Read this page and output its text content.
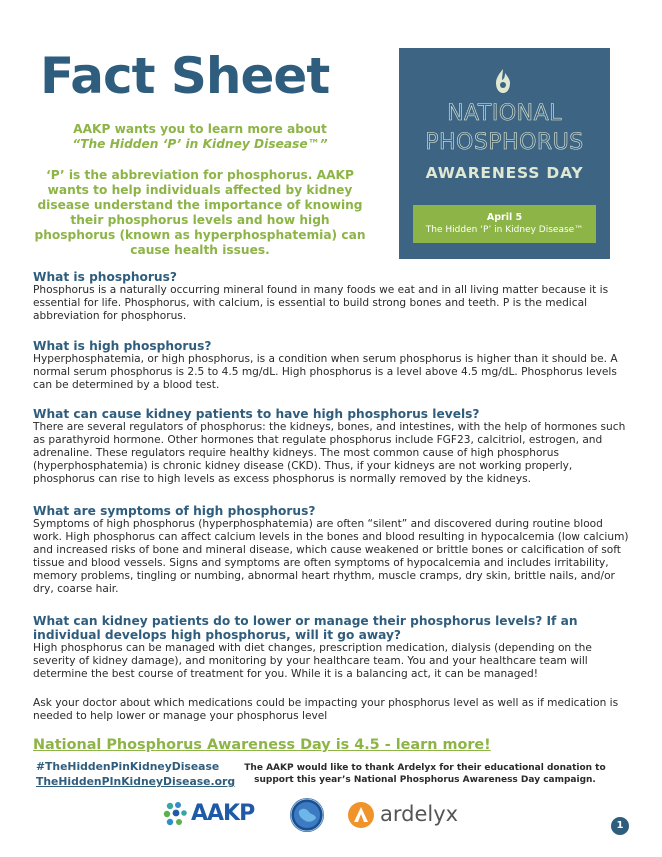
Fact Sheet
AAKP wants you to learn more about
“The Hidden ‘P’ in Kidney Disease™”
‘P’ is the abbreviation for phosphorus. AAKP wants to help individuals affected by kidney disease understand the importance of knowing their phosphorus levels and how high phosphorus (known as hyperphosphatemia) can cause health issues.
NATIONAL
PHOSPHORUS
AWARENESS DAY
April 5
The Hidden ‘P’ in Kidney Disease™
What is phosphorus?

Phosphorus is a naturally occurring mineral found in many foods we eat and in all living matter because it is essential for life. Phosphorus, with calcium, is essential to build strong bones and teeth. P is the medical abbreviation for phosphorus.

What is high phosphorus?

Hyperphosphatemia, or high phosphorus, is a condition when serum phosphorus is higher than it should be. A normal serum phosphorus is 2.5 to 4.5 mg/dL. High phosphorus is a level above 4.5 mg/dL. Phosphorus levels can be determined by a blood test.

What can cause kidney patients to have high phosphorus levels?

There are several regulators of phosphorus: the kidneys, bones, and intestines, with the help of hormones such as parathyroid hormone. Other hormones that regulate phosphorus include FGF23, calcitriol, estrogen, and adrenaline. These regulators require healthy kidneys. The most common cause of high phosphorus (hyperphosphatemia) is chronic kidney disease (CKD). Thus, if your kidneys are not working properly, phosphorus can rise to high levels as excess phosphorus is normally removed by the kidneys.

What are symptoms of high phosphorus?

Symptoms of high phosphorus (hyperphosphatemia) are often “silent” and discovered during routine blood work. High phosphorus can affect calcium levels in the bones and blood resulting in hypocalcemia (low calcium) and increased risks of bone and mineral disease, which cause weakened or brittle bones or calcification of soft tissue and blood vessels. Signs and symptoms are often symptoms of hypocalcemia and includes irritability, memory problems, tingling or numbing, abnormal heart rhythm, muscle cramps, dry skin, brittle nails, and/or dry, coarse hair.

What can kidney patients do to lower or manage their phosphorus levels? If an individual develops high phosphorus, will it go away?

High phosphorus can be managed with diet changes, prescription medication, dialysis (depending on the severity of kidney damage), and monitoring by your healthcare team. You and your healthcare team will determine the best course of treatment for you. While it is a balancing act, it can be managed!

Ask your doctor about which medications could be impacting your phosphorus level as well as if medication is needed to help lower or manage your phosphorus level

National Phosphorus Awareness Day is 4.5 - learn more!
#TheHiddenPinKidneyDisease
TheHiddenPInKidneyDisease.org
The AAKP would like to thank Ardelyx for their educational donation to support this year’s National Phosphorus Awareness Day campaign.
AAKP	ardelyx	1
